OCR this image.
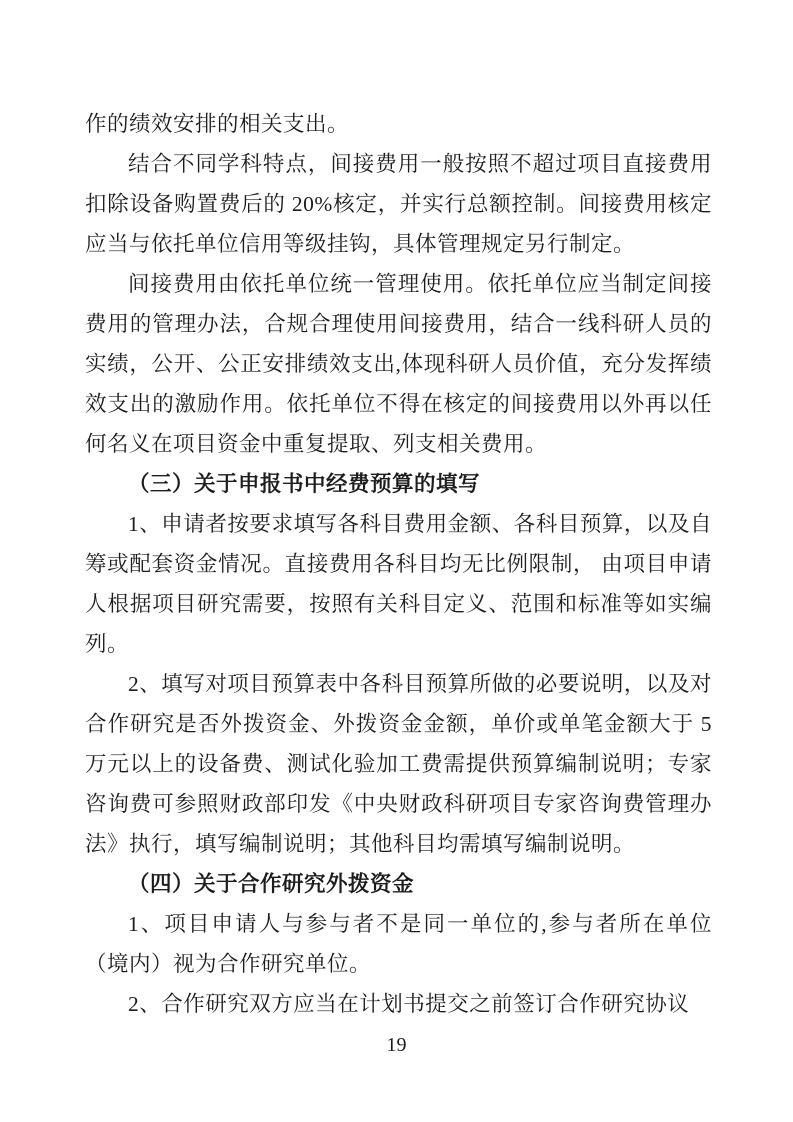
作的绩效安排的相关支出。

结合不同学科特点，间接费用一般按照不超过项目直接费用扣除设备购置费后的 20%核定，并实行总额控制。间接费用核定应当与依托单位信用等级挂钩，具体管理规定另行制定。

间接费用由依托单位统一管理使用。依托单位应当制定间接费用的管理办法，合规合理使用间接费用，结合一线科研人员的实绩，公开、公正安排绩效支出,体现科研人员价值，充分发挥绩效支出的激励作用。依托单位不得在核定的间接费用以外再以任何名义在项目资金中重复提取、列支相关费用。

（三）关于申报书中经费预算的填写

1、申请者按要求填写各科目费用金额、各科目预算，以及自筹或配套资金情况。直接费用各科目均无比例限制， 由项目申请人根据项目研究需要，按照有关科目定义、范围和标准等如实编列。

2、填写对项目预算表中各科目预算所做的必要说明，以及对合作研究是否外拨资金、外拨资金金额，单价或单笔金额大于 5万元以上的设备费、测试化验加工费需提供预算编制说明；专家咨询费可参照财政部印发《中央财政科研项目专家咨询费管理办法》执行，填写编制说明；其他科目均需填写编制说明。

（四）关于合作研究外拨资金

1、项目申请人与参与者不是同一单位的,参与者所在单位（境内）视为合作研究单位。

2、合作研究双方应当在计划书提交之前签订合作研究协议

19
